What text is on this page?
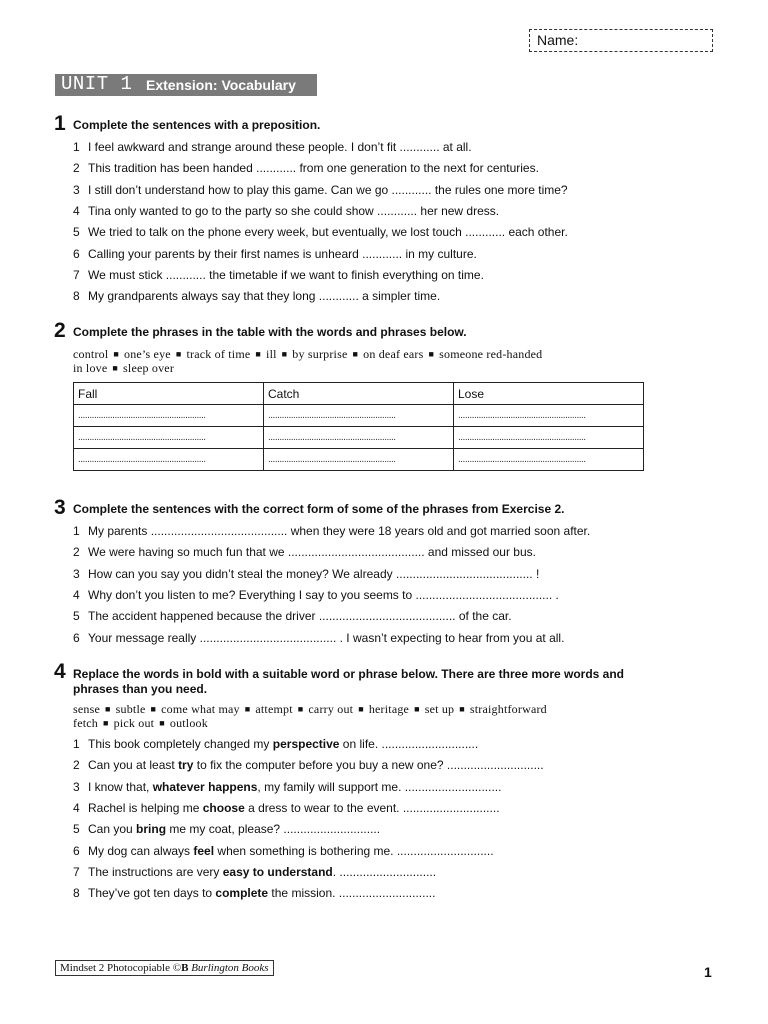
Name:
UNIT 1 Extension: Vocabulary
1 Complete the sentences with a preposition.
1 I feel awkward and strange around these people. I don’t fit ............ at all.
2 This tradition has been handed ............ from one generation to the next for centuries.
3 I still don’t understand how to play this game. Can we go ............ the rules one more time?
4 Tina only wanted to go to the party so she could show ............ her new dress.
5 We tried to talk on the phone every week, but eventually, we lost touch ............ each other.
6 Calling your parents by their first names is unheard ............ in my culture.
7 We must stick ............ the timetable if we want to finish everything on time.
8 My grandparents always say that they long ............ a simpler time.
2 Complete the phrases in the table with the words and phrases below.
control ■ one’s eye ■ track of time ■ ill ■ by surprise ■ on deaf ears ■ someone red-handed
in love ■ sleep over
Fall	Catch	Lose
........................................................	........................................................	........................................................
........................................................	........................................................	........................................................
........................................................	........................................................	........................................................
3 Complete the sentences with the correct form of some of the phrases from Exercise 2.
1 My parents ......................................... when they were 18 years old and got married soon after.
2 We were having so much fun that we ......................................... and missed our bus.
3 How can you say you didn’t steal the money? We already ......................................... !
4 Why don’t you listen to me? Everything I say to you seems to ......................................... .
5 The accident happened because the driver ......................................... of the car.
6 Your message really ......................................... . I wasn’t expecting to hear from you at all.
4 Replace the words in bold with a suitable word or phrase below. There are three more words and
phrases than you need.
sense ■ subtle ■ come what may ■ attempt ■ carry out ■ heritage ■ set up ■ straightforward
fetch ■ pick out ■ outlook
1 This book completely changed my perspective on life. .............................
2 Can you at least try to fix the computer before you buy a new one? .............................
3 I know that, whatever happens, my family will support me. .............................
4 Rachel is helping me choose a dress to wear to the event. .............................
5 Can you bring me my coat, please? .............................
6 My dog can always feel when something is bothering me. .............................
7 The instructions are very easy to understand. .............................
8 They’ve got ten days to complete the mission. .............................
Mindset 2 Photocopiable ©B Burlington Books	1
